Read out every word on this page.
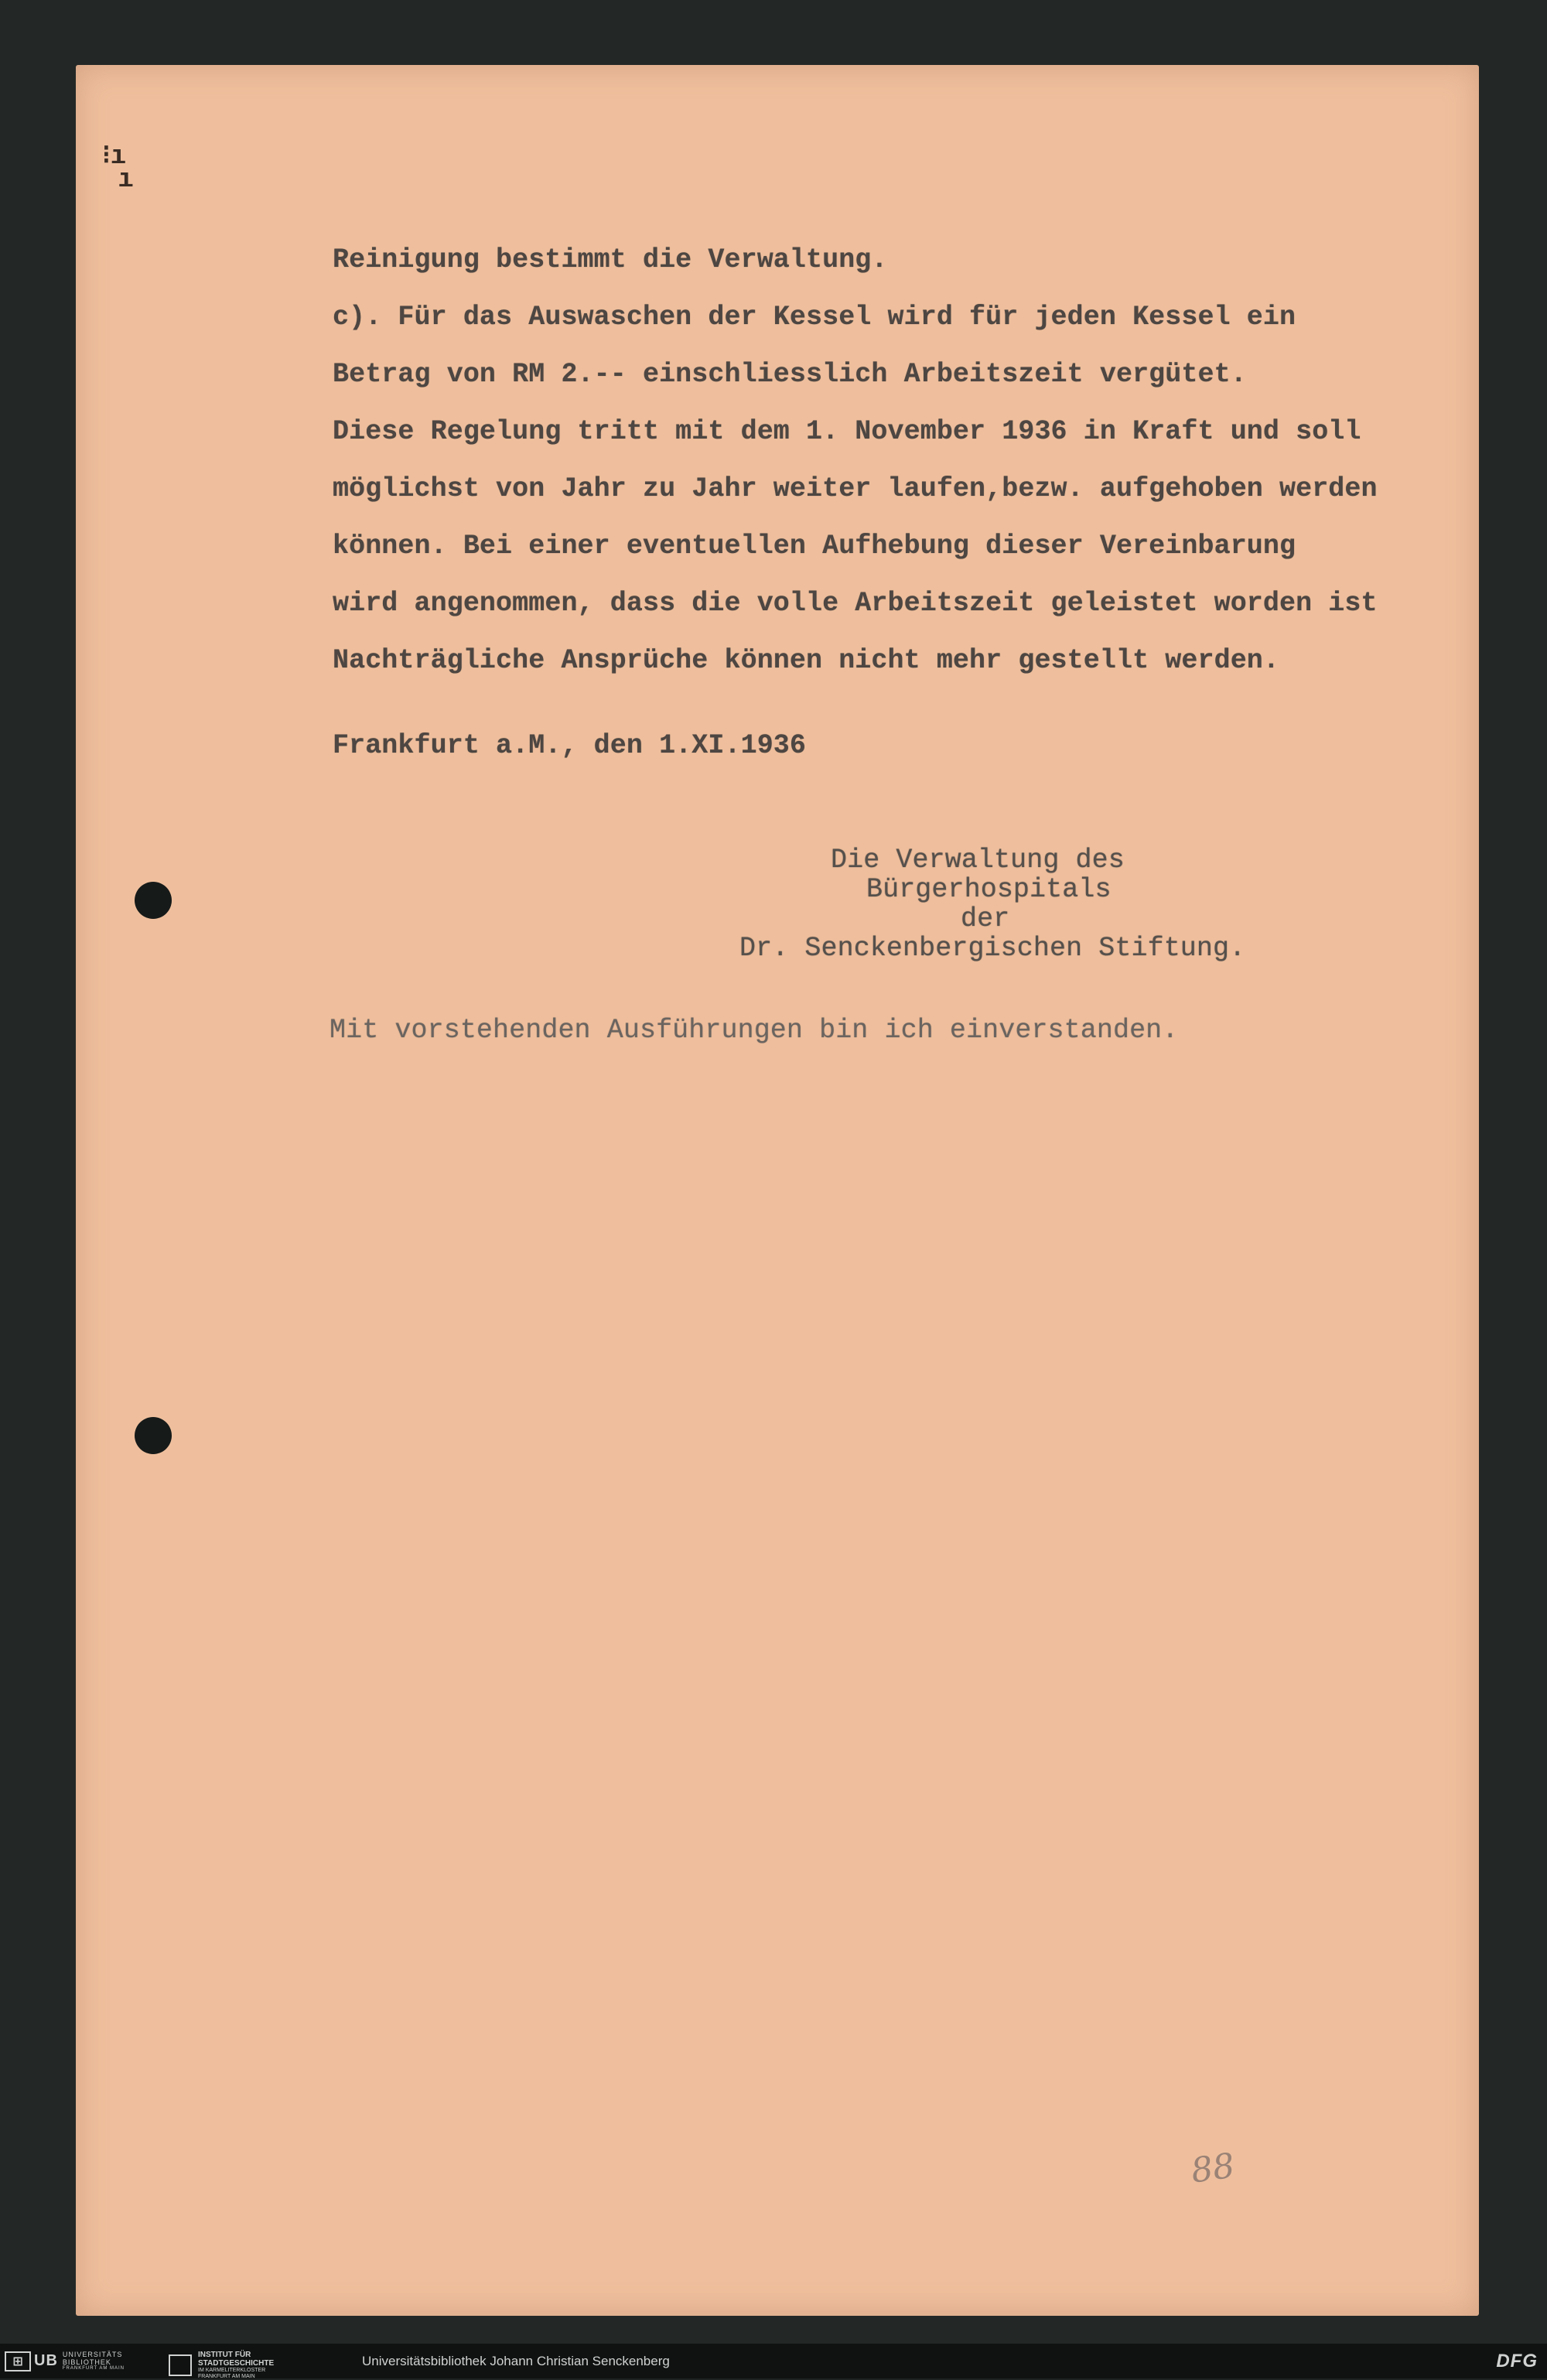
⁝ı
ı

Reinigung bestimmt die Verwaltung.

c). Für das Auswaschen der Kessel wird für jeden Kessel ein

Betrag von RM 2.-- einschliesslich Arbeitszeit vergütet.

Diese Regelung tritt mit dem 1. November 1936 in Kraft und soll

möglichst von Jahr zu Jahr weiter laufen,bezw. aufgehoben werden

können. Bei einer eventuellen Aufhebung dieser Vereinbarung

wird angenommen, dass die volle Arbeitszeit geleistet worden ist

Nachträgliche Ansprüche können nicht mehr gestellt werden.

Frankfurt a.M., den 1.XI.1936

Die Verwaltung des

Bürgerhospitals

der

Dr. Senckenbergischen Stiftung.

Mit vorstehenden Ausführungen bin ich einverstanden.

88
⊞ UB UNIVERSITÄTS
BIBLIOTHEK
FRANKFURT AM MAIN
INSTITUT FÜR
STADTGESCHICHTE
IM KARMELITERKLOSTER
FRANKFURT AM MAIN
Universitätsbibliothek Johann Christian Senckenberg	DFG
